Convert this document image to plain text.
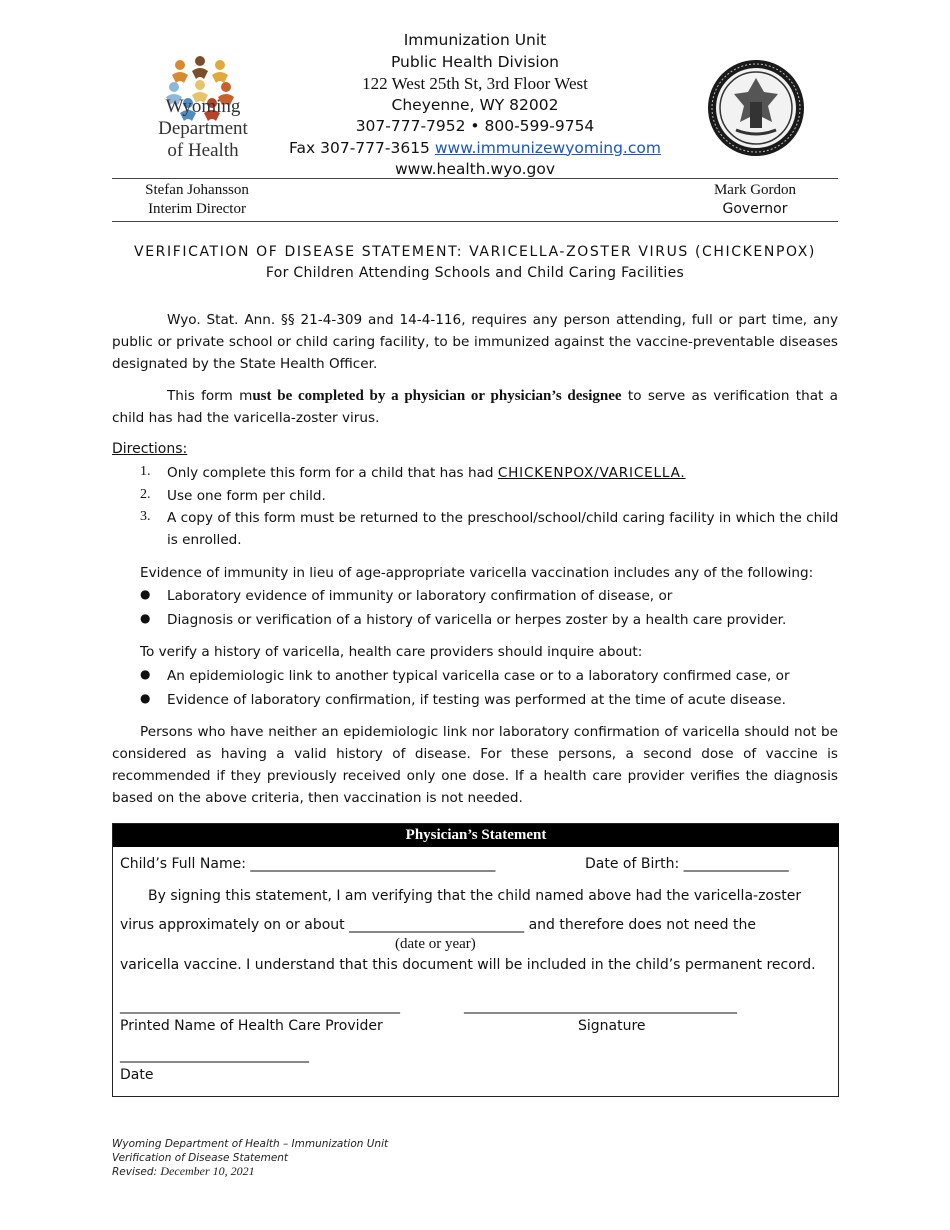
Wyoming
Department
of Health
Immunization Unit
Public Health Division
122 West 25th St, 3rd Floor West
Cheyenne, WY 82002
307-777-7952 • 800-599-9754
Fax 307-777-3615 www.immunizewyoming.com
www.health.wyo.gov
Stefan Johansson
Interim Director
Mark Gordon
Governor
VERIFICATION OF DISEASE STATEMENT: VARICELLA-ZOSTER VIRUS (CHICKENPOX)
For Children Attending Schools and Child Caring Facilities
Wyo. Stat. Ann. §§ 21-4-309 and 14-4-116, requires any person attending, full or part time, any public or private school or child caring facility, to be immunized against the vaccine-preventable diseases designated by the State Health Officer.
This form must be completed by a physician or physician’s designee to serve as verification that a child has had the varicella-zoster virus.
Directions:
1. Only complete this form for a child that has had CHICKENPOX/VARICELLA.
2. Use one form per child.
3. A copy of this form must be returned to the preschool/school/child caring facility in which the child is enrolled.
Evidence of immunity in lieu of age-appropriate varicella vaccination includes any of the following:
● Laboratory evidence of immunity or laboratory confirmation of disease, or
● Diagnosis or verification of a history of varicella or herpes zoster by a health care provider.
To verify a history of varicella, health care providers should inquire about:
● An epidemiologic link to another typical varicella case or to a laboratory confirmed case, or
● Evidence of laboratory confirmation, if testing was performed at the time of acute disease.
Persons who have neither an epidemiologic link nor laboratory confirmation of varicella should not be considered as having a valid history of disease. For these persons, a second dose of vaccine is recommended if they previously received only one dose. If a health care provider verifies the diagnosis based on the above criteria, then vaccination is not needed.
Physician’s Statement
Child’s Full Name: ___________________________________	Date of Birth: _______________
By signing this statement, I am verifying that the child named above had the varicella-zoster
virus approximately on or about _________________________ and therefore does not need the
(date or year)
varicella vaccine. I understand that this document will be included in the child’s permanent record.
________________________________________	_______________________________________
Printed Name of Health Care Provider	Signature
___________________________
Date
Wyoming Department of Health – Immunization Unit
Verification of Disease Statement
Revised: December 10, 2021
